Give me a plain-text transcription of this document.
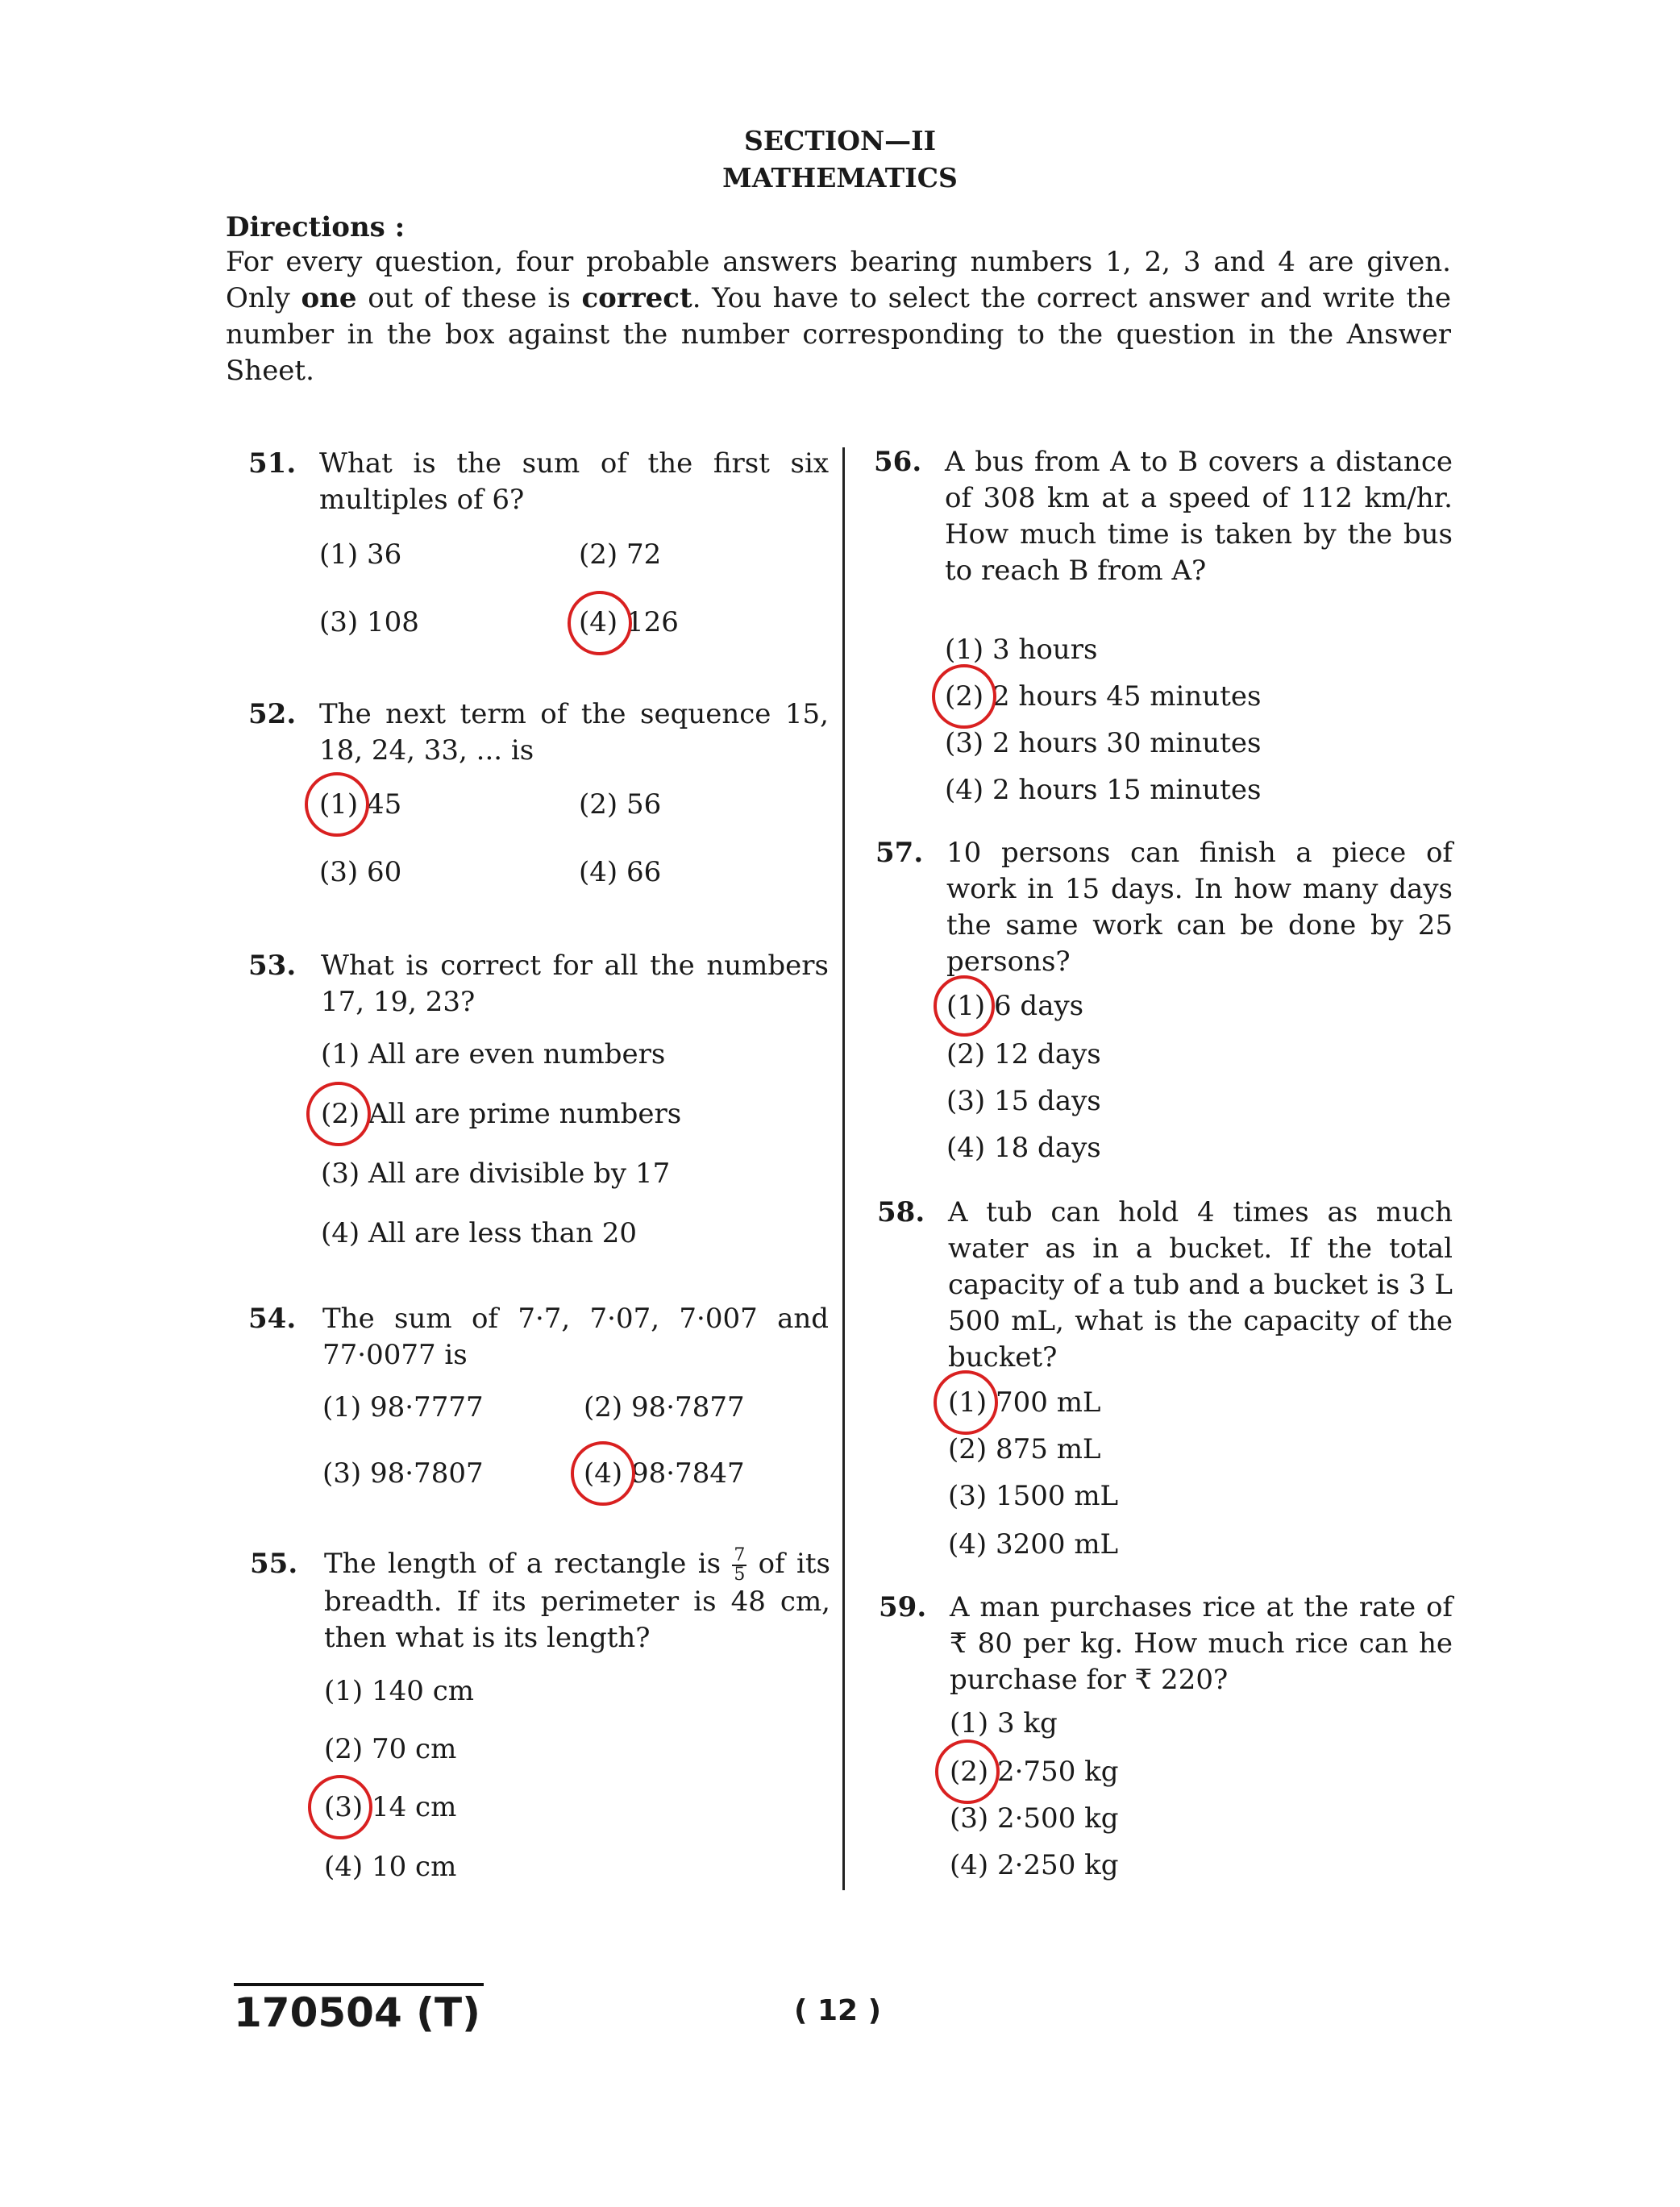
SECTION—II
MATHEMATICS
Directions :
For every question, four probable answers bearing numbers 1, 2, 3 and 4 are given. Only one out of these is correct. You have to select the correct answer and write the number in the box against the number corresponding to the question in the Answer Sheet.
51. What is the sum of the first six multiples of 6?
(1) 36	(2) 72
(3) 108	(4) 126
52. The next term of the sequence 15, 18, 24, 33, ... is
(1) 45	(2) 56
(3) 60	(4) 66
53. What is correct for all the numbers 17, 19, 23?
(1) All are even numbers
(2) All are prime numbers
(3) All are divisible by 17
(4) All are less than 20
54. The sum of 7·7, 7·07, 7·007 and 77·0077 is
(1) 98·7777	(2) 98·7877
(3) 98·7807	(4) 98·7847
55. The length of a rectangle is $\frac{7}{5}$ of its breadth. If its perimeter is 48 cm, then what is its length?
(1) 140 cm
(2) 70 cm
(3) 14 cm
(4) 10 cm
56. A bus from A to B covers a distance of 308 km at a speed of 112 km/hr. How much time is taken by the bus to reach B from A?
(1) 3 hours
(2) 2 hours 45 minutes
(3) 2 hours 30 minutes
(4) 2 hours 15 minutes
57. 10 persons can finish a piece of work in 15 days. In how many days the same work can be done by 25 persons?
(1) 6 days
(2) 12 days
(3) 15 days
(4) 18 days
58. A tub can hold 4 times as much water as in a bucket. If the total capacity of a tub and a bucket is 3 L 500 mL, what is the capacity of the bucket?
(1) 700 mL
(2) 875 mL
(3) 1500 mL
(4) 3200 mL
59. A man purchases rice at the rate of ₹ 80 per kg. How much rice can he purchase for ₹ 220?
(1) 3 kg
(2) 2·750 kg
(3) 2·500 kg
(4) 2·250 kg
170504 (T)	( 12 )
